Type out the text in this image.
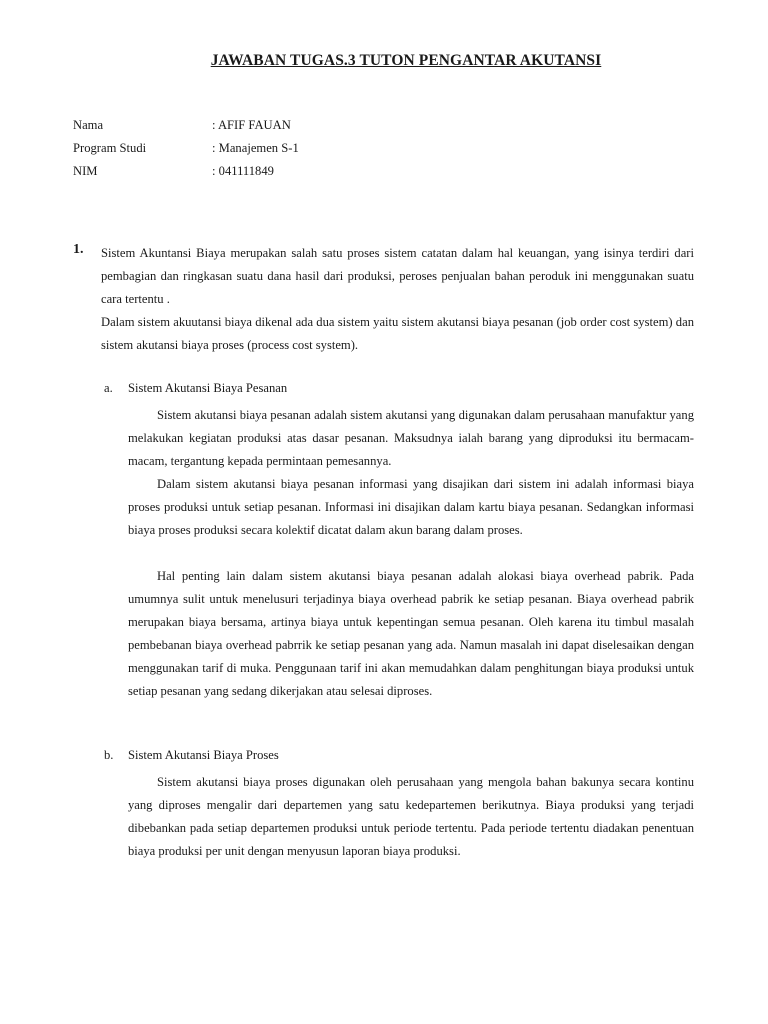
JAWABAN TUGAS.3 TUTON PENGANTAR AKUTANSI
Nama	: AFIF FAUAN
Program Studi	: Manajemen S-1
NIM	: 041111849
1. Sistem Akuntansi Biaya merupakan salah satu proses sistem catatan dalam hal keuangan, yang isinya terdiri dari pembagian dan ringkasan suatu dana hasil dari produksi, peroses penjualan bahan peroduk ini menggunakan suatu cara tertentu .
Dalam sistem akuutansi biaya dikenal ada dua sistem yaitu sistem akutansi biaya pesanan (job order cost system) dan sistem akutansi biaya proses (process cost system).
a. Sistem Akutansi Biaya Pesanan
Sistem akutansi biaya pesanan adalah sistem akutansi yang digunakan dalam perusahaan manufaktur yang melakukan kegiatan produksi atas dasar pesanan. Maksudnya ialah barang yang diproduksi itu bermacam-macam, tergantung kepada permintaan pemesannya.
Dalam sistem akutansi biaya pesanan informasi yang disajikan dari sistem ini adalah informasi biaya proses produksi untuk setiap pesanan. Informasi ini disajikan dalam kartu biaya pesanan. Sedangkan informasi biaya proses produksi secara kolektif dicatat dalam akun barang dalam proses.
Hal penting lain dalam sistem akutansi biaya pesanan adalah alokasi biaya overhead pabrik. Pada umumnya sulit untuk menelusuri terjadinya biaya overhead pabrik ke setiap pesanan. Biaya overhead pabrik merupakan biaya bersama, artinya biaya untuk kepentingan semua pesanan. Oleh karena itu timbul masalah pembebanan biaya overhead pabrrik ke setiap pesanan yang ada. Namun masalah ini dapat diselesaikan dengan menggunakan tarif di muka. Penggunaan tarif ini akan memudahkan dalam penghitungan biaya produksi untuk setiap pesanan yang sedang dikerjakan atau selesai diproses.
b. Sistem Akutansi Biaya Proses
Sistem akutansi biaya proses digunakan oleh perusahaan yang mengola bahan bakunya secara kontinu yang diproses mengalir dari departemen yang satu kedepartemen berikutnya. Biaya produksi yang terjadi dibebankan pada setiap departemen produksi untuk periode tertentu. Pada periode tertentu diadakan penentuan biaya produksi per unit dengan menyusun laporan biaya produksi.
